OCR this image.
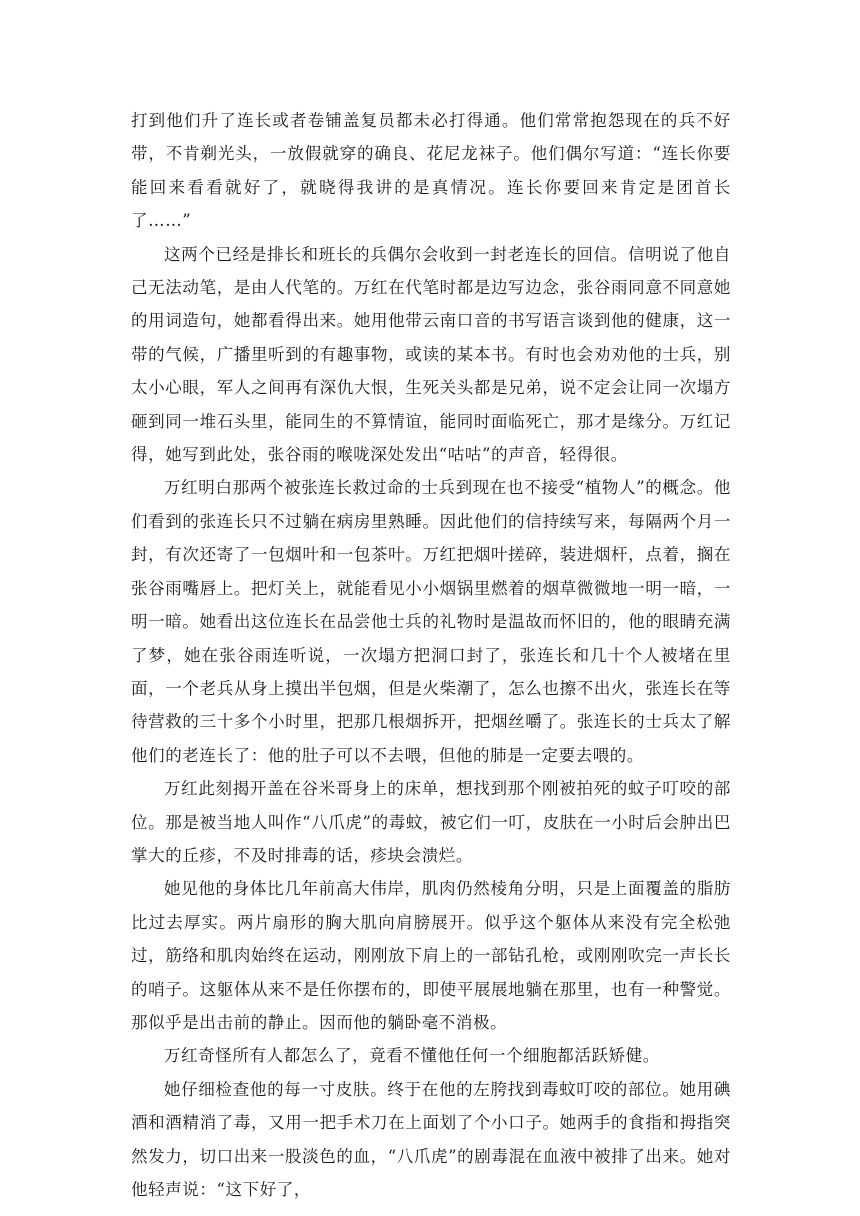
打到他们升了连长或者卷铺盖复员都未必打得通。他们常常抱怨现在的兵不好带，不肯剃光头，一放假就穿的确良、花尼龙袜子。他们偶尔写道：“连长你要能回来看看就好了，就晓得我讲的是真情况。连长你要回来肯定是团首长了……”

这两个已经是排长和班长的兵偶尔会收到一封老连长的回信。信明说了他自己无法动笔，是由人代笔的。万红在代笔时都是边写边念，张谷雨同意不同意她的用词造句，她都看得出来。她用他带云南口音的书写语言谈到他的健康，这一带的气候，广播里听到的有趣事物，或读的某本书。有时也会劝劝他的士兵，别太小心眼，军人之间再有深仇大恨，生死关头都是兄弟，说不定会让同一次塌方砸到同一堆石头里，能同生的不算情谊，能同时面临死亡，那才是缘分。万红记得，她写到此处，张谷雨的喉咙深处发出“咕咕”的声音，轻得很。

万红明白那两个被张连长救过命的士兵到现在也不接受“植物人”的概念。他们看到的张连长只不过躺在病房里熟睡。因此他们的信持续写来，每隔两个月一封，有次还寄了一包烟叶和一包茶叶。万红把烟叶搓碎，装进烟杆，点着，搁在张谷雨嘴唇上。把灯关上，就能看见小小烟锅里燃着的烟草微微地一明一暗，一明一暗。她看出这位连长在品尝他士兵的礼物时是温故而怀旧的，他的眼睛充满了梦，她在张谷雨连听说，一次塌方把洞口封了，张连长和几十个人被堵在里面，一个老兵从身上摸出半包烟，但是火柴潮了，怎么也擦不出火，张连长在等待营救的三十多个小时里，把那几根烟拆开，把烟丝嚼了。张连长的士兵太了解他们的老连长了：他的肚子可以不去喂，但他的肺是一定要去喂的。

万红此刻揭开盖在谷米哥身上的床单，想找到那个刚被拍死的蚊子叮咬的部位。那是被当地人叫作“八爪虎”的毒蚊，被它们一叮，皮肤在一小时后会肿出巴掌大的丘疹，不及时排毒的话，疹块会溃烂。

她见他的身体比几年前高大伟岸，肌肉仍然棱角分明，只是上面覆盖的脂肪比过去厚实。两片扇形的胸大肌向肩膀展开。似乎这个躯体从来没有完全松弛过，筋络和肌肉始终在运动，刚刚放下肩上的一部钻孔枪，或刚刚吹完一声长长的哨子。这躯体从来不是任你摆布的，即使平展展地躺在那里，也有一种警觉。那似乎是出击前的静止。因而他的躺卧毫不消极。

万红奇怪所有人都怎么了，竟看不懂他任何一个细胞都活跃矫健。

她仔细检查他的每一寸皮肤。终于在他的左胯找到毒蚊叮咬的部位。她用碘酒和酒精消了毒，又用一把手术刀在上面划了个小口子。她两手的食指和拇指突然发力，切口出来一股淡色的血，“八爪虎”的剧毒混在血液中被排了出来。她对他轻声说：“这下好了，
